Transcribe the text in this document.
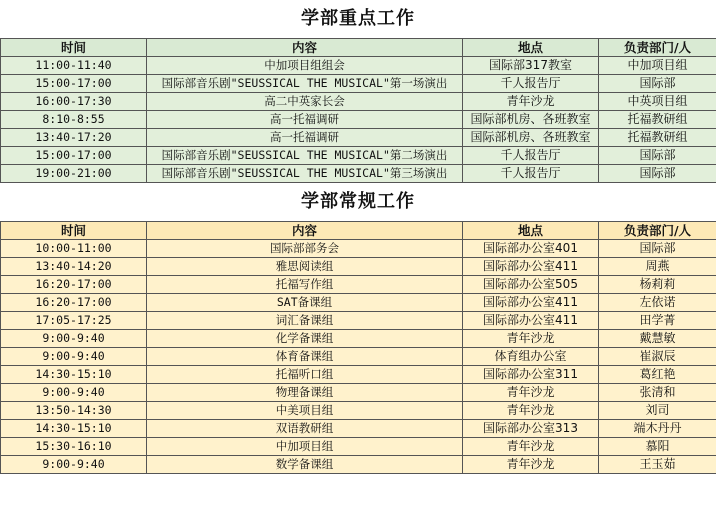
学部重点工作
时间	内容	地点	负责部门/人
11:00-11:40	中加项目组组会	国际部317教室	中加项目组
15:00-17:00	国际部音乐剧"SEUSSICAL THE MUSICAL"第一场演出	千人报告厅	国际部
16:00-17:30	高二中英家长会	青年沙龙	中英项目组
8:10-8:55	高一托福调研	国际部机房、各班教室	托福教研组
13:40-17:20	高一托福调研	国际部机房、各班教室	托福教研组
15:00-17:00	国际部音乐剧"SEUSSICAL THE MUSICAL"第二场演出	千人报告厅	国际部
19:00-21:00	国际部音乐剧"SEUSSICAL THE MUSICAL"第三场演出	千人报告厅	国际部
学部常规工作
时间	内容	地点	负责部门/人
10:00-11:00	国际部部务会	国际部办公室401	国际部
13:40-14:20	雅思阅读组	国际部办公室411	周燕
16:20-17:00	托福写作组	国际部办公室505	杨莉莉
16:20-17:00	SAT备课组	国际部办公室411	左依诺
17:05-17:25	词汇备课组	国际部办公室411	田学菁
9:00-9:40	化学备课组	青年沙龙	戴慧敏
9:00-9:40	体育备课组	体育组办公室	崔淑辰
14:30-15:10	托福听口组	国际部办公室311	葛红艳
9:00-9:40	物理备课组	青年沙龙	张清和
13:50-14:30	中美项目组	青年沙龙	刘司
14:30-15:10	双语教研组	国际部办公室313	端木丹丹
15:30-16:10	中加项目组	青年沙龙	慕阳
9:00-9:40	数学备课组	青年沙龙	王玉茹
